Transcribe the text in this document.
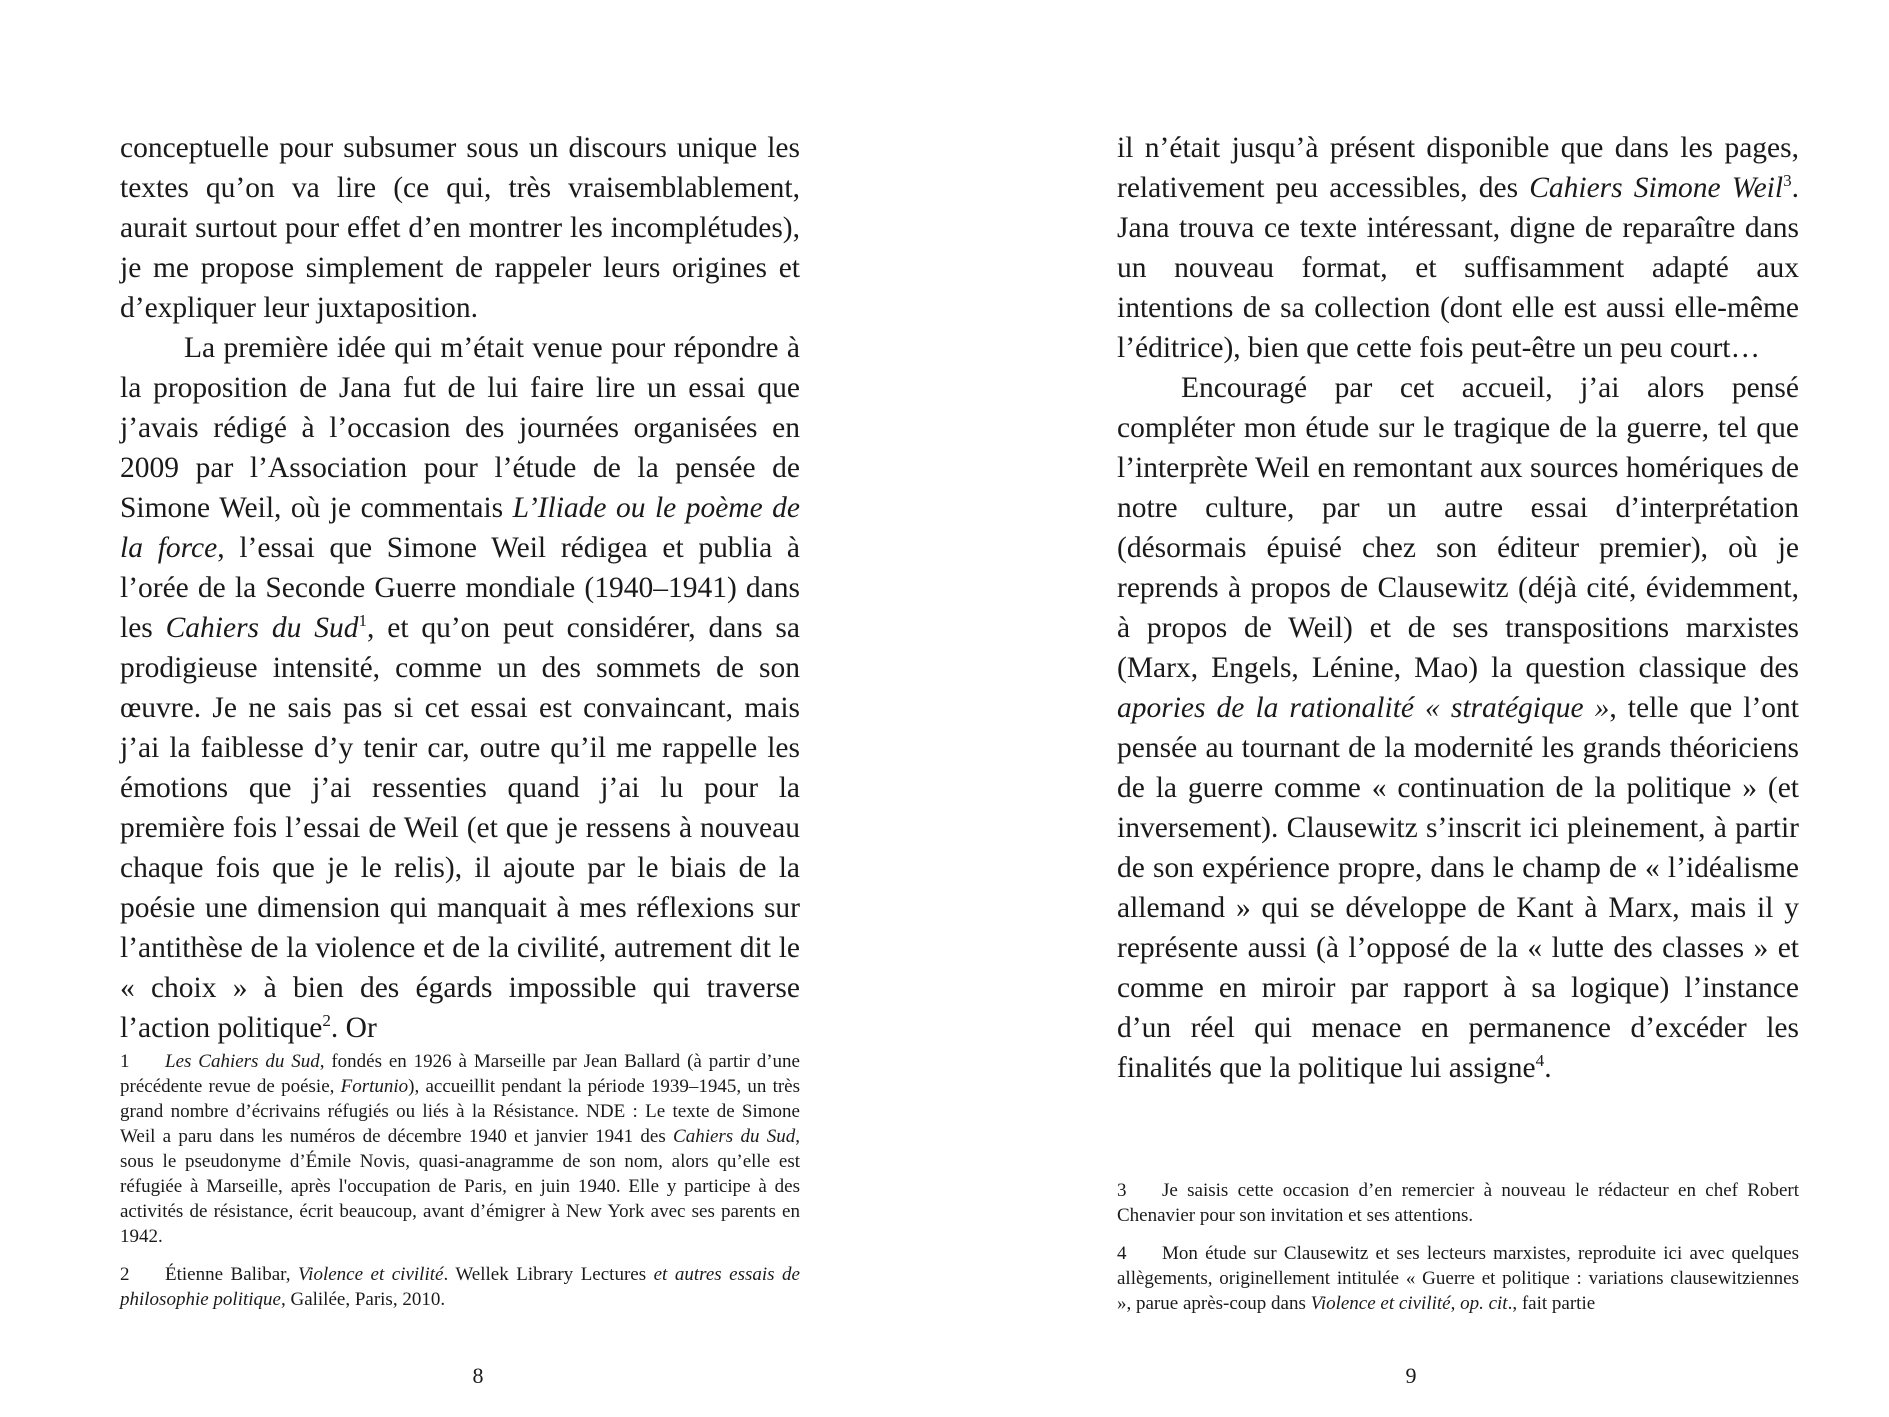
conceptuelle pour subsumer sous un discours unique les textes qu’on va lire (ce qui, très vraisemblablement, aurait surtout pour effet d’en montrer les incomplétudes), je me propose simplement de rappeler leurs origines et d’expliquer leur juxtaposition.

La première idée qui m’était venue pour répondre à la proposition de Jana fut de lui faire lire un essai que j’avais rédigé à l’occasion des journées organisées en 2009 par l’Association pour l’étude de la pensée de Simone Weil, où je commentais L’Iliade ou le poème de la force, l’essai que Simone Weil rédigea et publia à l’orée de la Seconde Guerre mondiale (1940–1941) dans les Cahiers du Sud$^1$, et qu’on peut considérer, dans sa prodigieuse intensité, comme un des sommets de son œuvre. Je ne sais pas si cet essai est convaincant, mais j’ai la faiblesse d’y tenir car, outre qu’il me rappelle les émotions que j’ai ressenties quand j’ai lu pour la première fois l’essai de Weil (et que je ressens à nouveau chaque fois que je le relis), il ajoute par le biais de la poésie une dimension qui manquait à mes réflexions sur l’antithèse de la violence et de la civilité, autrement dit le « choix » à bien des égards impossible qui traverse l’action politique$^2$. Or

1 Les Cahiers du Sud, fondés en 1926 à Marseille par Jean Ballard (à partir d’une précédente revue de poésie, Fortunio), accueillit pendant la période 1939–1945, un très grand nombre d’écrivains réfugiés ou liés à la Résistance. NDE : Le texte de Simone Weil a paru dans les numéros de décembre 1940 et janvier 1941 des Cahiers du Sud, sous le pseudonyme d’Émile Novis, quasi-anagramme de son nom, alors qu’elle est réfugiée à Marseille, après l'occupation de Paris, en juin 1940. Elle y participe à des activités de résistance, écrit beaucoup, avant d’émigrer à New York avec ses parents en 1942.

2 Étienne Balibar, Violence et civilité. Wellek Library Lectures et autres essais de philosophie politique, Galilée, Paris, 2010.

8

il n’était jusqu’à présent disponible que dans les pages, relativement peu accessibles, des Cahiers Simone Weil$^3$. Jana trouva ce texte intéressant, digne de reparaître dans un nouveau format, et suffisamment adapté aux intentions de sa collection (dont elle est aussi elle-même l’éditrice), bien que cette fois peut-être un peu court…

Encouragé par cet accueil, j’ai alors pensé compléter mon étude sur le tragique de la guerre, tel que l’interprète Weil en remontant aux sources homériques de notre culture, par un autre essai d’interprétation (désormais épuisé chez son éditeur premier), où je reprends à propos de Clausewitz (déjà cité, évidemment, à propos de Weil) et de ses transpositions marxistes (Marx, Engels, Lénine, Mao) la question classique des apories de la rationalité « stratégique », telle que l’ont pensée au tournant de la modernité les grands théoriciens de la guerre comme « continuation de la politique » (et inversement). Clausewitz s’inscrit ici pleinement, à partir de son expérience propre, dans le champ de « l’idéalisme allemand » qui se développe de Kant à Marx, mais il y représente aussi (à l’opposé de la « lutte des classes » et comme en miroir par rapport à sa logique) l’instance d’un réel qui menace en permanence d’excéder les finalités que la politique lui assigne$^4$.

3 Je saisis cette occasion d’en remercier à nouveau le rédacteur en chef Robert Chenavier pour son invitation et ses attentions.

4 Mon étude sur Clausewitz et ses lecteurs marxistes, reproduite ici avec quelques allègements, originellement intitulée « Guerre et politique : variations clausewitziennes », parue après-coup dans Violence et civilité, op. cit., fait partie

9
